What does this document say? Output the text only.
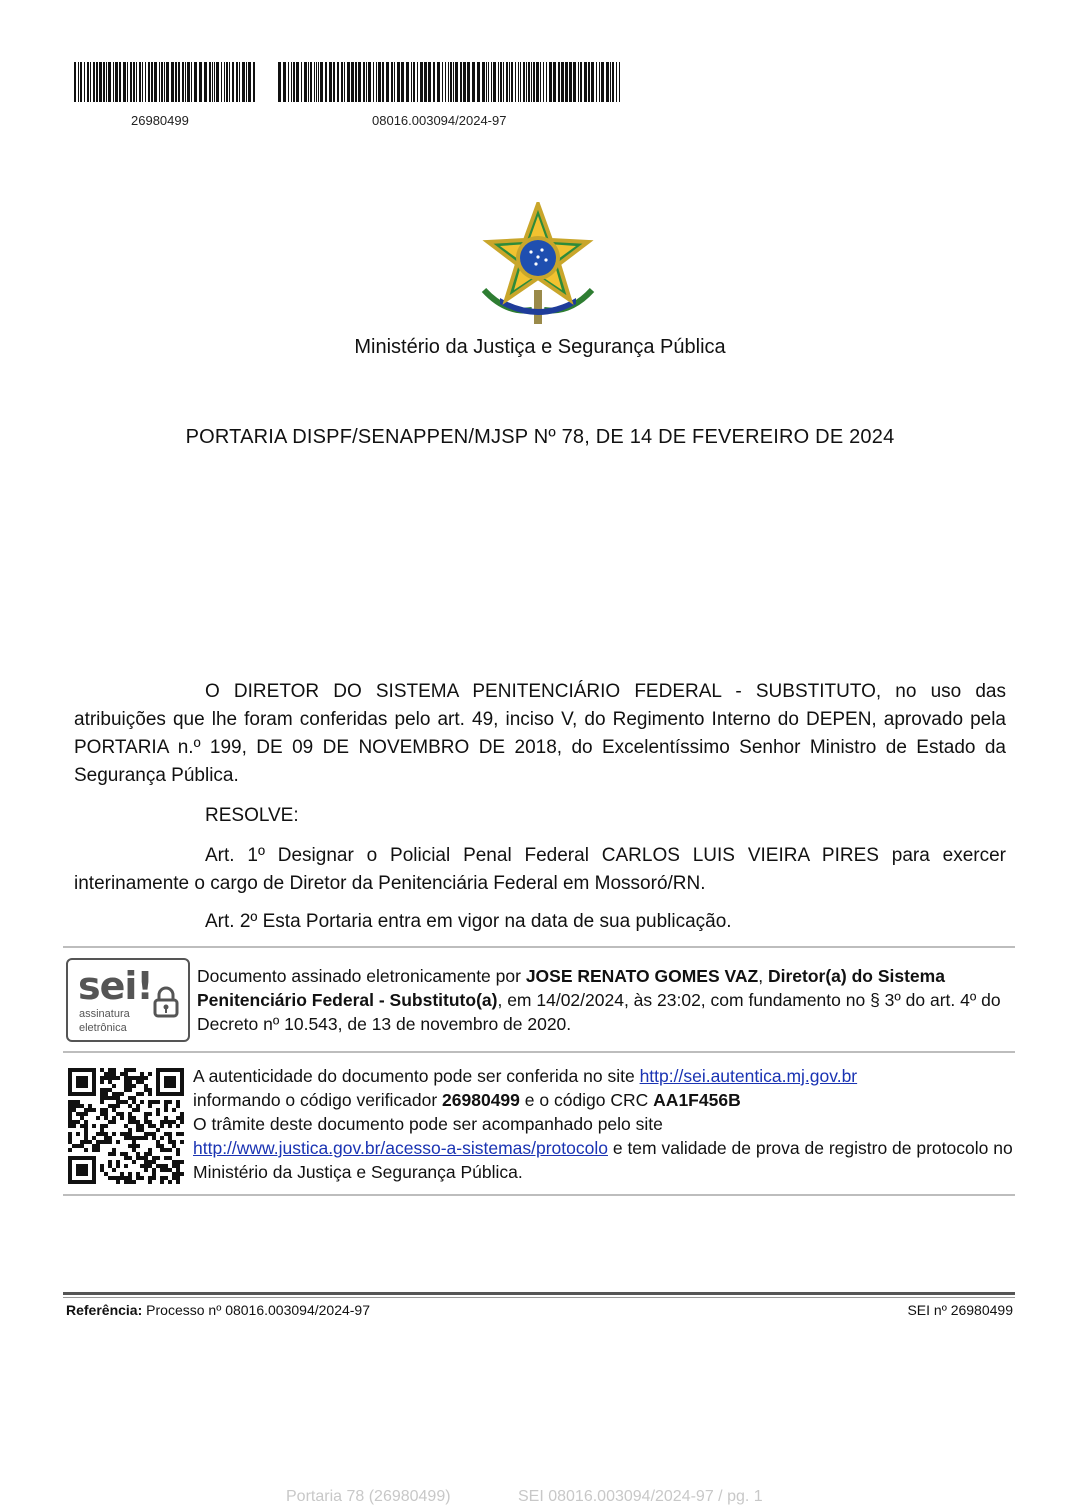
26980499	08016.003094/2024-97
Ministério da Justiça e Segurança Pública
PORTARIA DISPF/SENAPPEN/MJSP Nº 78, DE 14 DE FEVEREIRO DE 2024
O DIRETOR DO SISTEMA PENITENCIÁRIO FEDERAL - SUBSTITUTO, no uso das atribuições que lhe foram conferidas pelo art. 49, inciso V, do Regimento Interno do DEPEN, aprovado pela PORTARIA n.º 199, DE 09 DE NOVEMBRO DE 2018, do Excelentíssimo Senhor Ministro de Estado da Segurança Pública.
RESOLVE:
Art. 1º Designar o Policial Penal Federal CARLOS LUIS VIEIRA PIRES para exercer interinamente o cargo de Diretor da Penitenciária Federal em Mossoró/RN.
Art. 2º Esta Portaria entra em vigor na data de sua publicação.
sei!
assinatura
eletrônica
Documento assinado eletronicamente por JOSE RENATO GOMES VAZ, Diretor(a) do Sistema Penitenciário Federal - Substituto(a), em 14/02/2024, às 23:02, com fundamento no § 3º do art. 4º do Decreto nº 10.543, de 13 de novembro de 2020.
A autenticidade do documento pode ser conferida no site http://sei.autentica.mj.gov.br
informando o código verificador 26980499 e o código CRC AA1F456B
O trâmite deste documento pode ser acompanhado pelo site
http://www.justica.gov.br/acesso-a-sistemas/protocolo e tem validade de prova de registro de protocolo no Ministério da Justiça e Segurança Pública.
Referência: Processo nº 08016.003094/2024-97	SEI nº 26980499
Portaria 78 (26980499)	SEI 08016.003094/2024-97 / pg. 1
